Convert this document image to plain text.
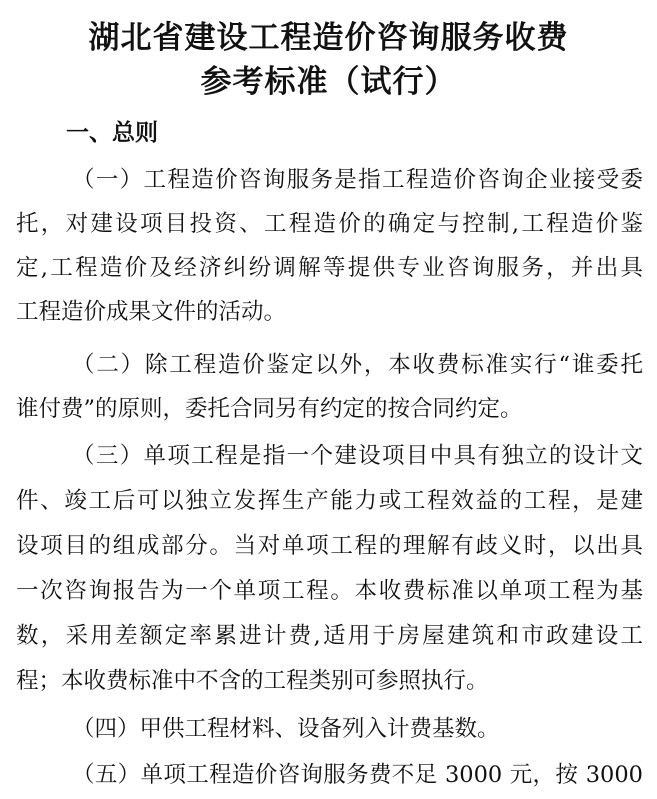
湖北省建设工程造价咨询服务收费
参考标准（试行）
一、总则
（一）工程造价咨询服务是指工程造价咨询企业接受委
托，对建设项目投资、工程造价的确定与控制,工程造价鉴
定,工程造价及经济纠纷调解等提供专业咨询服务，并出具
工程造价成果文件的活动。
（二）除工程造价鉴定以外，本收费标准实行“谁委托
谁付费”的原则，委托合同另有约定的按合同约定。
（三）单项工程是指一个建设项目中具有独立的设计文
件、竣工后可以独立发挥生产能力或工程效益的工程，是建
设项目的组成部分。当对单项工程的理解有歧义时，以出具
一次咨询报告为一个单项工程。本收费标准以单项工程为基
数，采用差额定率累进计费,适用于房屋建筑和市政建设工
程；本收费标准中不含的工程类别可参照执行。
（四）甲供工程材料、设备列入计费基数。
（五）单项工程造价咨询服务费不足 3000 元，按 3000
